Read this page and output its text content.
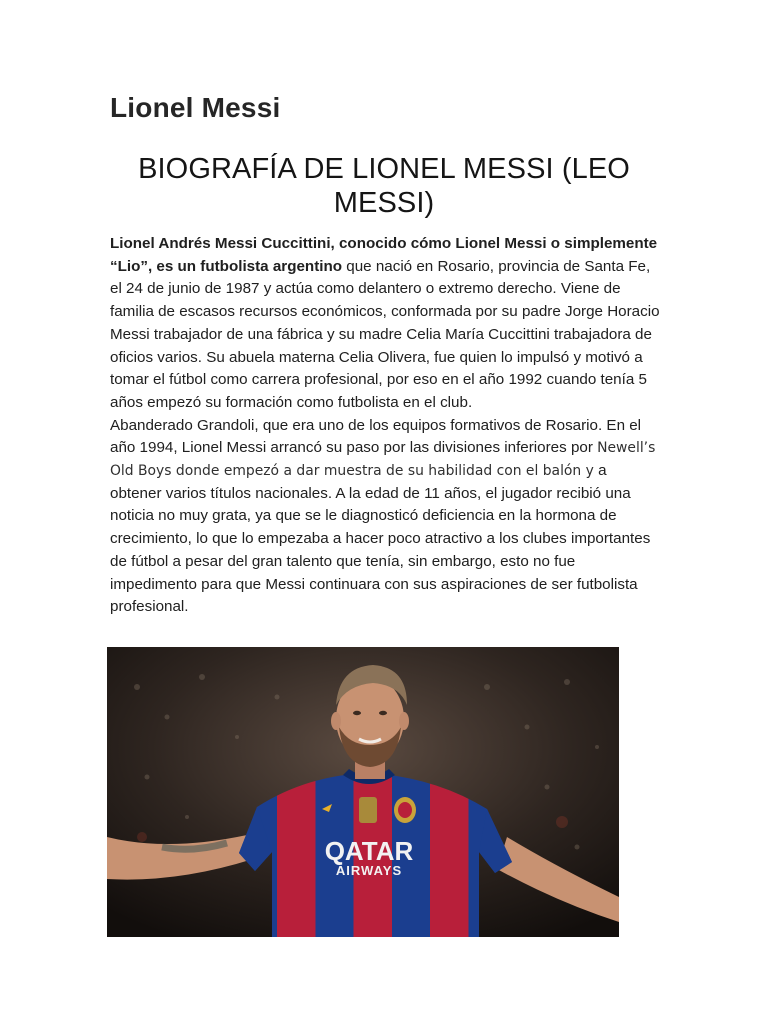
Lionel Messi
BIOGRAFÍA DE LIONEL MESSI (LEO MESSI)

Lionel Andrés Messi Cuccittini, conocido cómo Lionel Messi o simplemente “Lio”, es un futbolista argentino que nació en Rosario, provincia de Santa Fe, el 24 de junio de 1987 y actúa como delantero o extremo derecho. Viene de familia de escasos recursos económicos, conformada por su padre Jorge Horacio Messi trabajador de una fábrica y su madre Celia María Cuccittini trabajadora de oficios varios. Su abuela materna Celia Olivera, fue quien lo impulsó y motivó a tomar el fútbol como carrera profesional, por eso en el año 1992 cuando tenía 5 años empezó su formación como futbolista en el club.

Abanderado Grandoli, que era uno de los equipos formativos de Rosario. En el año 1994, Lionel Messi arrancó su paso por las divisiones inferiores por Newell’s Old Boys donde empezó a dar muestra de su habilidad con el balón y a obtener varios títulos nacionales. A la edad de 11 años, el jugador recibió una noticia no muy grata, ya que se le diagnosticó deficiencia en la hormona de crecimiento, lo que lo empezaba a hacer poco atractivo a los clubes importantes de fútbol a pesar del gran talento que tenía, sin embargo, esto no fue impedimento para que Messi continuara con sus aspiraciones de ser futbolista profesional.

QATAR
AIRWAYS
